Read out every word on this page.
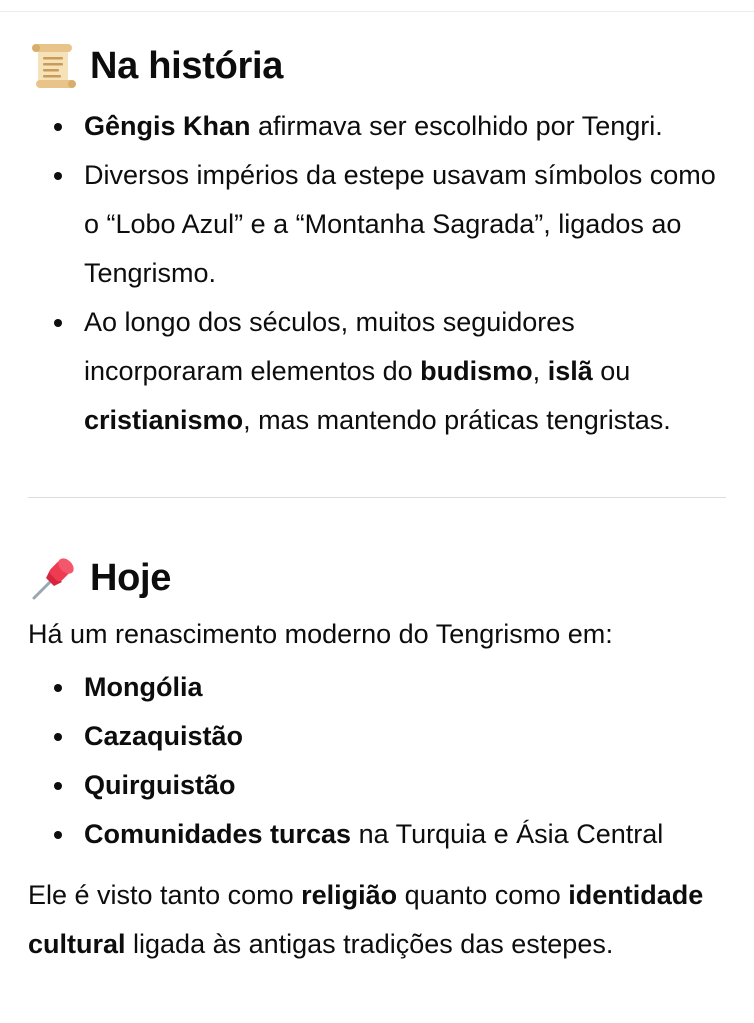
Na história
Gêngis Khan afirmava ser escolhido por Tengri.
Diversos impérios da estepe usavam símbolos como o “Lobo Azul” e a “Montanha Sagrada”, ligados ao Tengrismo.
Ao longo dos séculos, muitos seguidores incorporaram elementos do budismo, islã ou cristianismo, mas mantendo práticas tengristas.
Hoje

Há um renascimento moderno do Tengrismo em:

Mongólia
Cazaquistão
Quirguistão
Comunidades turcas na Turquia e Ásia Central

Ele é visto tanto como religião quanto como identidade cultural ligada às antigas tradições das estepes.
